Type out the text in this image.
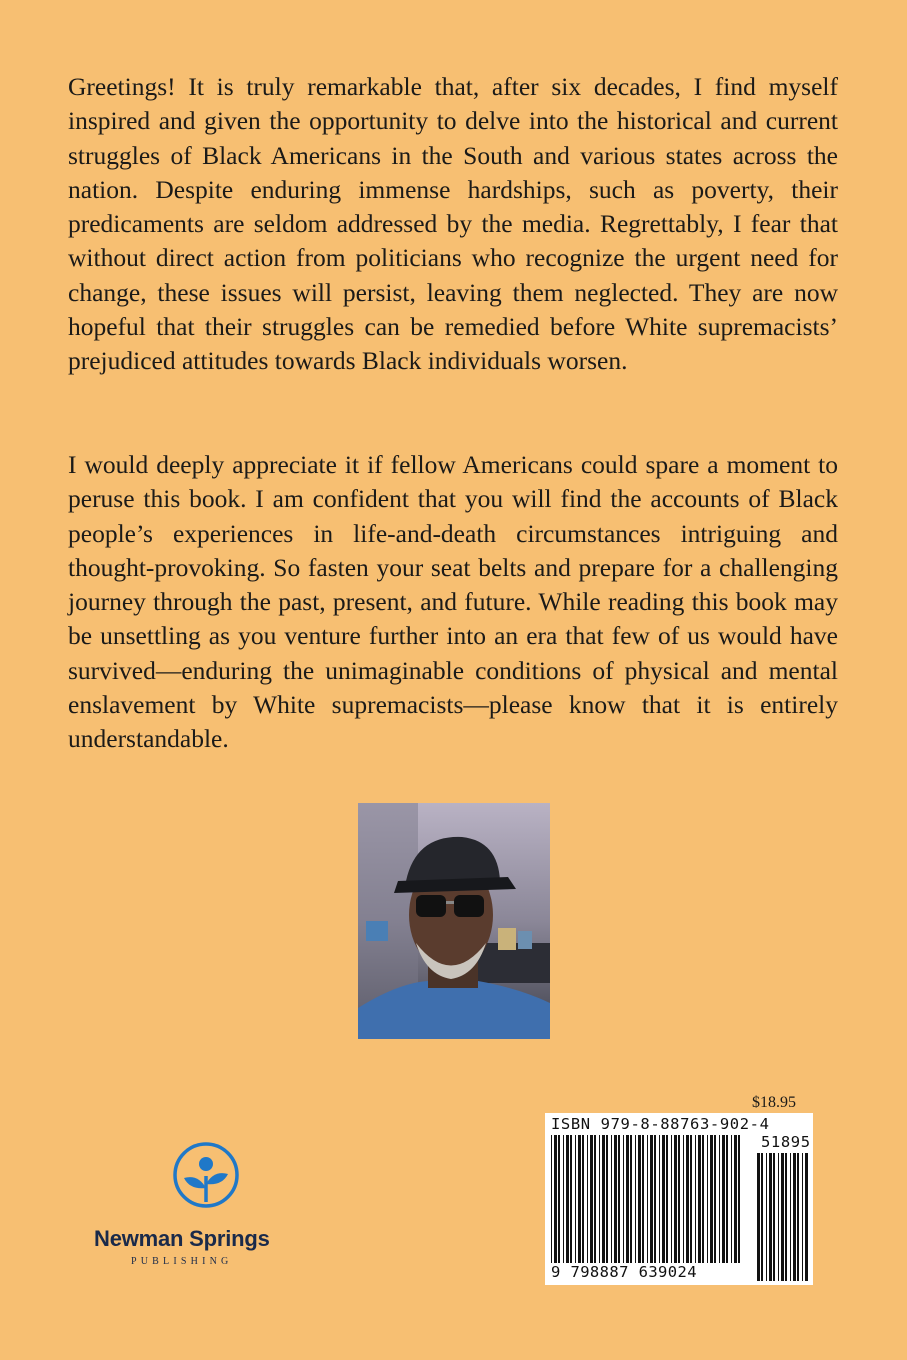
Greetings! It is truly remarkable that, after six decades, I find myself inspired and given the opportunity to delve into the historical and current struggles of Black Americans in the South and various states across the nation. Despite enduring immense hardships, such as poverty, their predicaments are seldom addressed by the media. Regrettably, I fear that without direct action from politicians who recognize the urgent need for change, these issues will persist, leaving them neglected. They are now hopeful that their struggles can be remedied before White supremacists’ prejudiced attitudes towards Black individuals worsen.

I would deeply appreciate it if fellow Americans could spare a moment to peruse this book. I am confident that you will find the accounts of Black people’s experiences in life-and-death circumstances intriguing and thought-provoking. So fasten your seat belts and prepare for a challenging journey through the past, present, and future. While reading this book may be unsettling as you venture further into an era that few of us would have survived—enduring the unimaginable conditions of physical and mental enslavement by White supremacists—please know that it is entirely understandable.

$18.95
ISBN 979-8-88763-902-4
51895
9 798887 639024
Newman Springs
PUBLISHING
